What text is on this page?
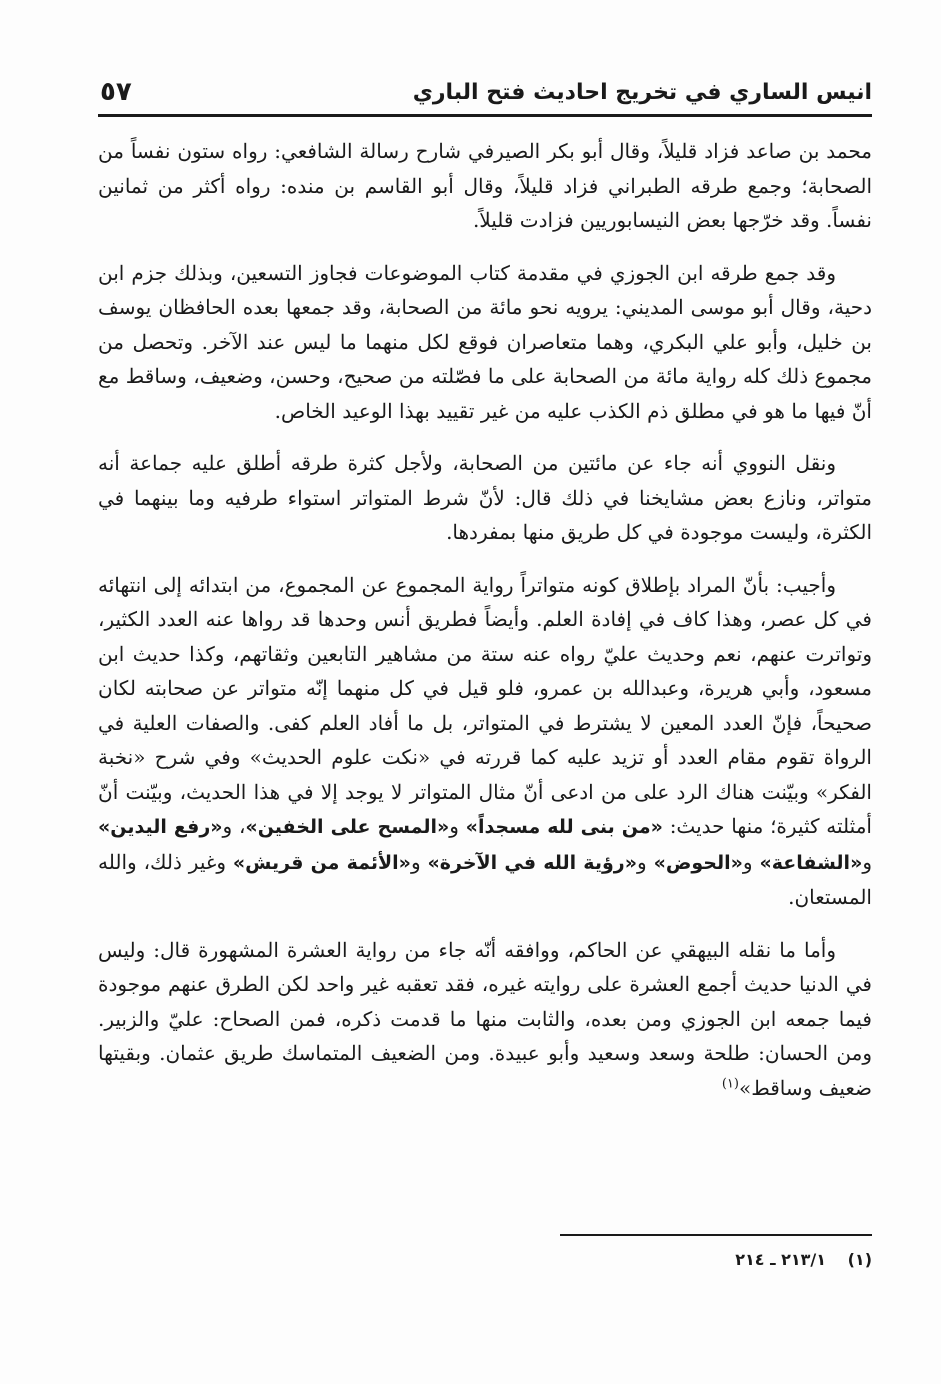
انيس الساري في تخريج احاديث فتح الباري
٥٧

محمد بن صاعد فزاد قليلاً، وقال أبو بكر الصيرفي شارح رسالة الشافعي: رواه ستون نفساً من الصحابة؛ وجمع طرقه الطبراني فزاد قليلاً، وقال أبو القاسم بن منده: رواه أكثر من ثمانين نفساً. وقد خرّجها بعض النيسابوريين فزادت قليلاً.

وقد جمع طرقه ابن الجوزي في مقدمة كتاب الموضوعات فجاوز التسعين، وبذلك جزم ابن دحية، وقال أبو موسى المديني: يرويه نحو مائة من الصحابة، وقد جمعها بعده الحافظان يوسف بن خليل، وأبو علي البكري، وهما متعاصران فوقع لكل منهما ما ليس عند الآخر. وتحصل من مجموع ذلك كله رواية مائة من الصحابة على ما فصّلته من صحيح، وحسن، وضعيف، وساقط مع أنّ فيها ما هو في مطلق ذم الكذب عليه من غير تقييد بهذا الوعيد الخاص.

ونقل النووي أنه جاء عن مائتين من الصحابة، ولأجل كثرة طرقه أطلق عليه جماعة أنه متواتر، ونازع بعض مشايخنا في ذلك قال: لأنّ شرط المتواتر استواء طرفيه وما بينهما في الكثرة، وليست موجودة في كل طريق منها بمفردها.

وأجيب: بأنّ المراد بإطلاق كونه متواتراً رواية المجموع عن المجموع، من ابتدائه إلى انتهائه في كل عصر، وهذا كاف في إفادة العلم. وأيضاً فطريق أنس وحدها قد رواها عنه العدد الكثير، وتواترت عنهم، نعم وحديث عليّ رواه عنه ستة من مشاهير التابعين وثقاتهم، وكذا حديث ابن مسعود، وأبي هريرة، وعبدالله بن عمرو، فلو قيل في كل منهما إنّه متواتر عن صحابته لكان صحيحاً، فإنّ العدد المعين لا يشترط في المتواتر، بل ما أفاد العلم كفى. والصفات العلية في الرواة تقوم مقام العدد أو تزيد عليه كما قررته في «نكت علوم الحديث» وفي شرح «نخبة الفكر» وبيّنت هناك الرد على من ادعى أنّ مثال المتواتر لا يوجد إلا في هذا الحديث، وبيّنت أنّ أمثلته كثيرة؛ منها حديث: «من بنى لله مسجداً» و«المسح على الخفين»، و«رفع اليدين» و«الشفاعة» و«الحوض» و«رؤية الله في الآخرة» و«الأئمة من قريش» وغير ذلك، والله المستعان.

وأما ما نقله البيهقي عن الحاكم، ووافقه أنّه جاء من رواية العشرة المشهورة قال: وليس في الدنيا حديث أجمع العشرة على روايته غيره، فقد تعقبه غير واحد لكن الطرق عنهم موجودة فيما جمعه ابن الجوزي ومن بعده، والثابت منها ما قدمت ذكره، فمن الصحاح: عليّ والزبير. ومن الحسان: طلحة وسعد وسعيد وأبو عبيدة. ومن الضعيف المتماسك طريق عثمان. وبقيتها ضعيف وساقط»$^{(١)}$

(١) ٢١٣/١ ـ ٢١٤
